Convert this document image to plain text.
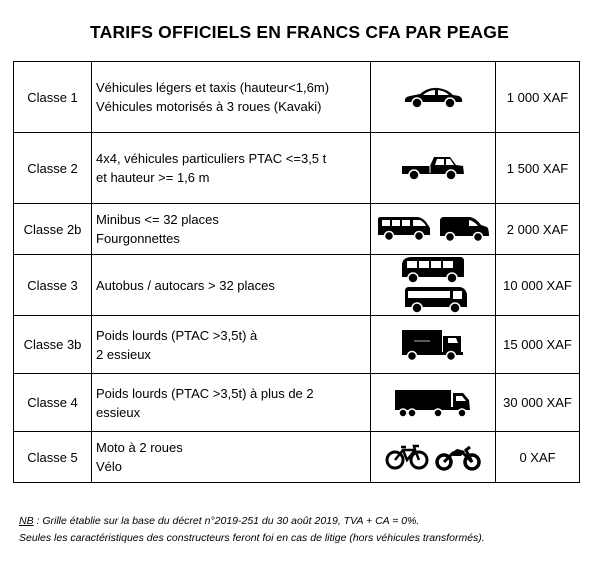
TARIFS OFFICIELS EN FRANCS CFA PAR PEAGE
Classe 1	Véhicules légers et taxis (hauteur<1,6m)
Véhicules motorisés à 3 roues (Kavaki)		1 000 XAF
Classe 2	4x4, véhicules particuliers PTAC <=3,5 t
et hauteur >= 1,6 m		1 500 XAF
Classe 2b	Minibus <= 32 places
Fourgonnettes		2 000 XAF
Classe 3	Autobus / autocars > 32 places		10 000 XAF
Classe 3b	Poids lourds (PTAC >3,5t) à
2 essieux		15 000 XAF
Classe 4	Poids lourds (PTAC >3,5t) à plus de 2
essieux		30 000 XAF
Classe 5	Moto à 2 roues
Vélo		0 XAF
NB : Grille établie sur la base du décret n°2019-251 du 30 août 2019, TVA + CA = 0%.
Seules les caractéristiques des constructeurs feront foi en cas de litige (hors véhicules transformés).
